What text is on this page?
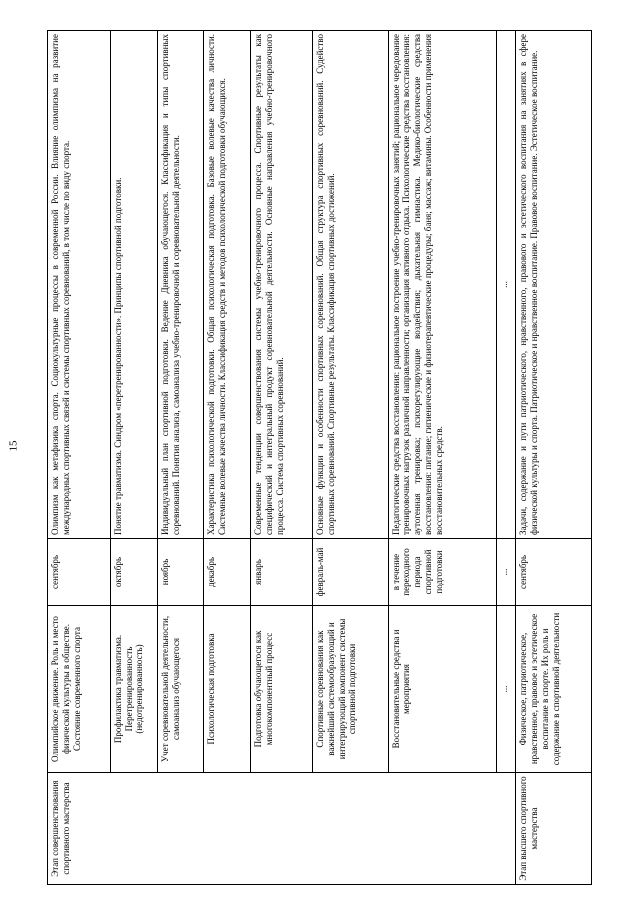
15
Этап совершенствования спортивного мастерства	Олимпийское движение. Роль и место физической культуры в обществе. Состояние современного спорта	сентябрь	Олимпизм как метафизика спорта. Социокультурные процессы в современной России. Влияние олимпизма на развитие международных спортивных связей и системы спортивных соревнований, в том числе по виду спорта.
	Профилактика травматизма. Перетренированность (недотренированность)	октябрь	Понятие травматизма. Синдром «перетренированности». Принципы спортивной подготовки.
	Учет соревновательной деятельности, самоанализ обучающегося	ноябрь	Индивидуальный план спортивной подготовки. Ведение Дневника обучающегося. Классификация и типы спортивных соревнований. Понятия анализа, самоанализа учебно-тренировочной и соревновательной деятельности.
	Психологическая подготовка	декабрь	Характеристика психологической подготовки. Общая психологическая подготовка. Базовые волевые качества личности. Системные волевые качества личности. Классификация средств и методов психологической подготовки обучающихся.
	Подготовка обучающегося как многокомпонентный процесс	январь	Современные тенденции совершенствования системы учебно-тренировочного процесса. Спортивные результаты как специфический и интегральный продукт соревновательной деятельности. Основные направления учебно-тренировочного процесса. Система спортивных соревнований.
	Спортивные соревнования как важнейший системообразующий и интегрирующий компонент системы спортивной подготовки	февраль-май	Основные функции и особенности спортивных соревнований. Общая структура спортивных соревнований. Судейство спортивных соревнований. Спортивные результаты. Классификация спортивных достижений.
	Восстановительные средства и мероприятия	в течение переходного периода спортивной подготовки	Педагогические средства восстановления: рациональное построение учебно-тренировочных занятий; рациональное чередование тренировочных нагрузок различной направленности; организация активного отдыха. Психологические средства восстановления: аутогенная тренировка; психорегулирующие воздействия; дыхательная гимнастика. Медико-биологические средства восстановления: питание; гигиенические и физиотерапевтические процедуры; баня; массаж; витамины. Особенности применения восстановительных средств.
	...	...	...
Этап высшего спортивного мастерства	Физическое, патриотическое, нравственное, правовое и эстетическое воспитание в спорте. Их роль и содержание в спортивной деятельности	сентябрь	Задачи, содержание и пути патриотического, нравственного, правового и эстетического воспитания на занятиях в сфере физической культуры и спорта. Патриотическое и нравственное воспитание. Правовое воспитание. Эстетическое воспитание.
